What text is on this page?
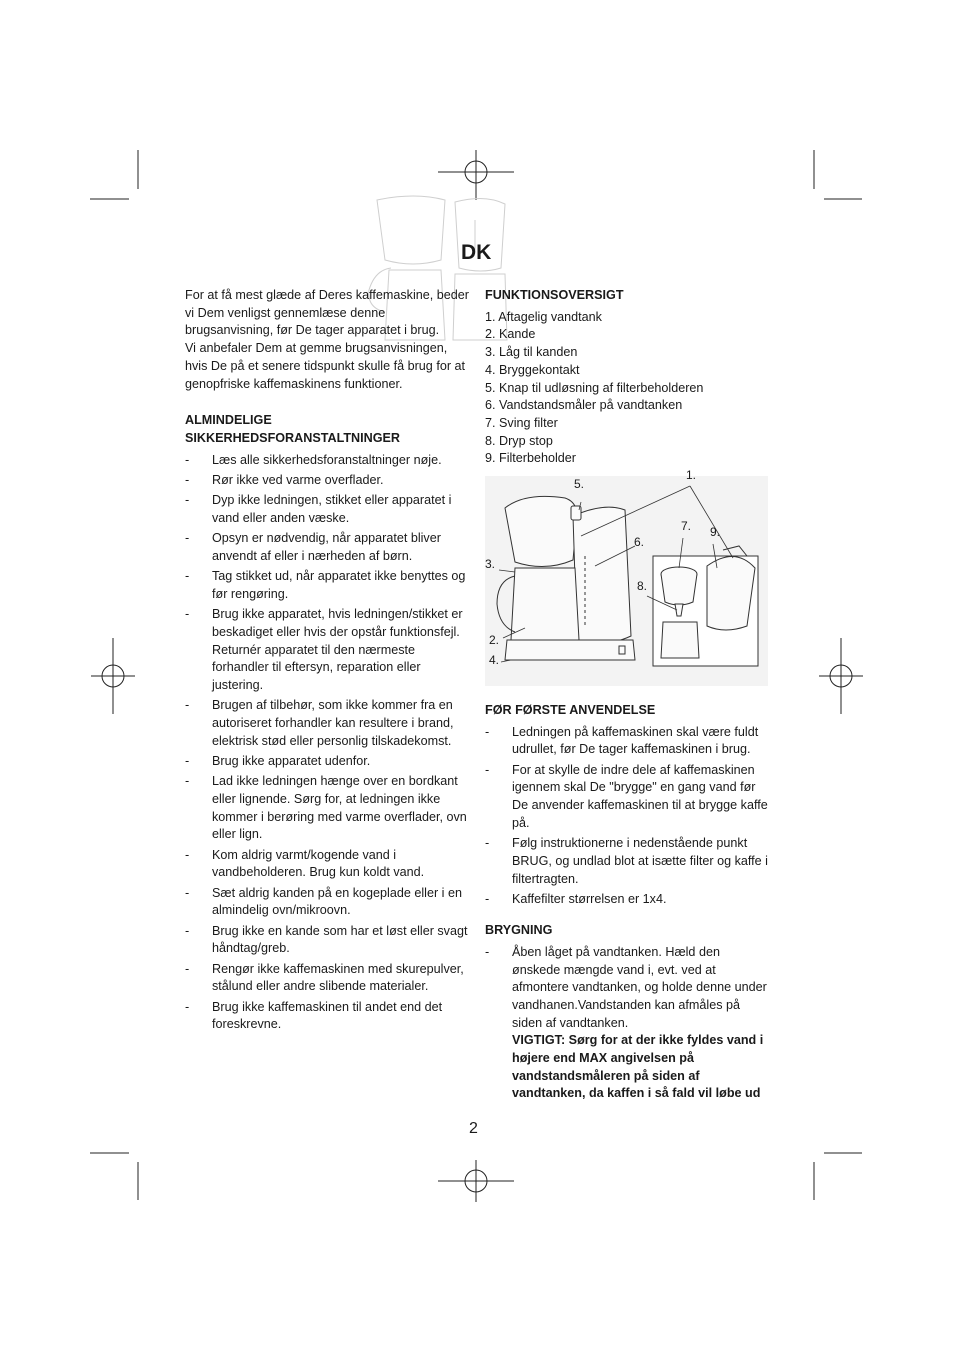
DK

For at få mest glæde af Deres kaffemaskine, beder vi Dem venligst gennemlæse denne brugsanvisning, før De tager apparatet i brug.

Vi anbefaler Dem at gemme brugsanvisningen, hvis De på et senere tidspunkt skulle få brug for at genopfriske kaffemaskinens funktioner.

ALMINDELIGE

SIKKERHEDSFORANSTALTNINGER

- Læs alle sikkerhedsforanstaltninger nøje.
- Rør ikke ved varme overflader.
- Dyp ikke ledningen, stikket eller apparatet i vand eller anden væske.
- Opsyn er nødvendig, når apparatet bliver anvendt af eller i nærheden af børn.
- Tag stikket ud, når apparatet ikke benyttes og før rengøring.
- Brug ikke apparatet, hvis ledningen/stikket er beskadiget eller hvis der opstår funktionsfejl. Returnér apparatet til den nærmeste forhandler til eftersyn, reparation eller justering.
- Brugen af tilbehør, som ikke kommer fra en autoriseret forhandler kan resultere i brand, elektrisk stød eller personlig tilskadekomst.
- Brug ikke apparatet udenfor.
- Lad ikke ledningen hænge over en bordkant eller lignende. Sørg for, at ledningen ikke kommer i berøring med varme overflader, ovn eller lign.
- Kom aldrig varmt/kogende vand i vandbeholderen. Brug kun koldt vand.
- Sæt aldrig kanden på en kogeplade eller i en almindelig ovn/mikroovn.
- Brug ikke en kande som har et løst eller svagt håndtag/greb.
- Rengør ikke kaffemaskinen med skurepulver, stålund eller andre slibende materialer.
- Brug ikke kaffemaskinen til andet end det foreskrevne.

FUNKTIONSOVERSIGT

1. Aftagelig vandtank
2. Kande
3. Låg til kanden
4. Bryggekontakt
5. Knap til udløsning af filterbeholderen
6. Vandstandsmåler på vandtanken
7. Sving filter
8. Dryp stop
9. Filterbeholder
1.
2.
3.
4.
5.
6.
7.
8.
9.

FØR FØRSTE ANVENDELSE

- Ledningen på kaffemaskinen skal være fuldt udrullet, før De tager kaffemaskinen i brug.
- For at skylle de indre dele af kaffemaskinen igennem skal De "brygge" en gang vand før De anvender kaffemaskinen til at brygge kaffe på.
- Følg instruktionerne i nedenstående punkt BRUG, og undlad blot at isætte filter og kaffe i filtertragten.
- Kaffefilter størrelsen er 1x4.

BRYGNING

- Åben låget på vandtanken. Hæld den ønskede mængde vand i, evt. ved at afmontere vandtanken, og holde denne under vandhanen.Vandstanden kan afmåles på siden af vandtanken.
VIGTIGT: Sørg for at der ikke fyldes vand i højere end MAX angivelsen på vandstandsmåleren på siden af vandtanken, da kaffen i så fald vil løbe ud
2
